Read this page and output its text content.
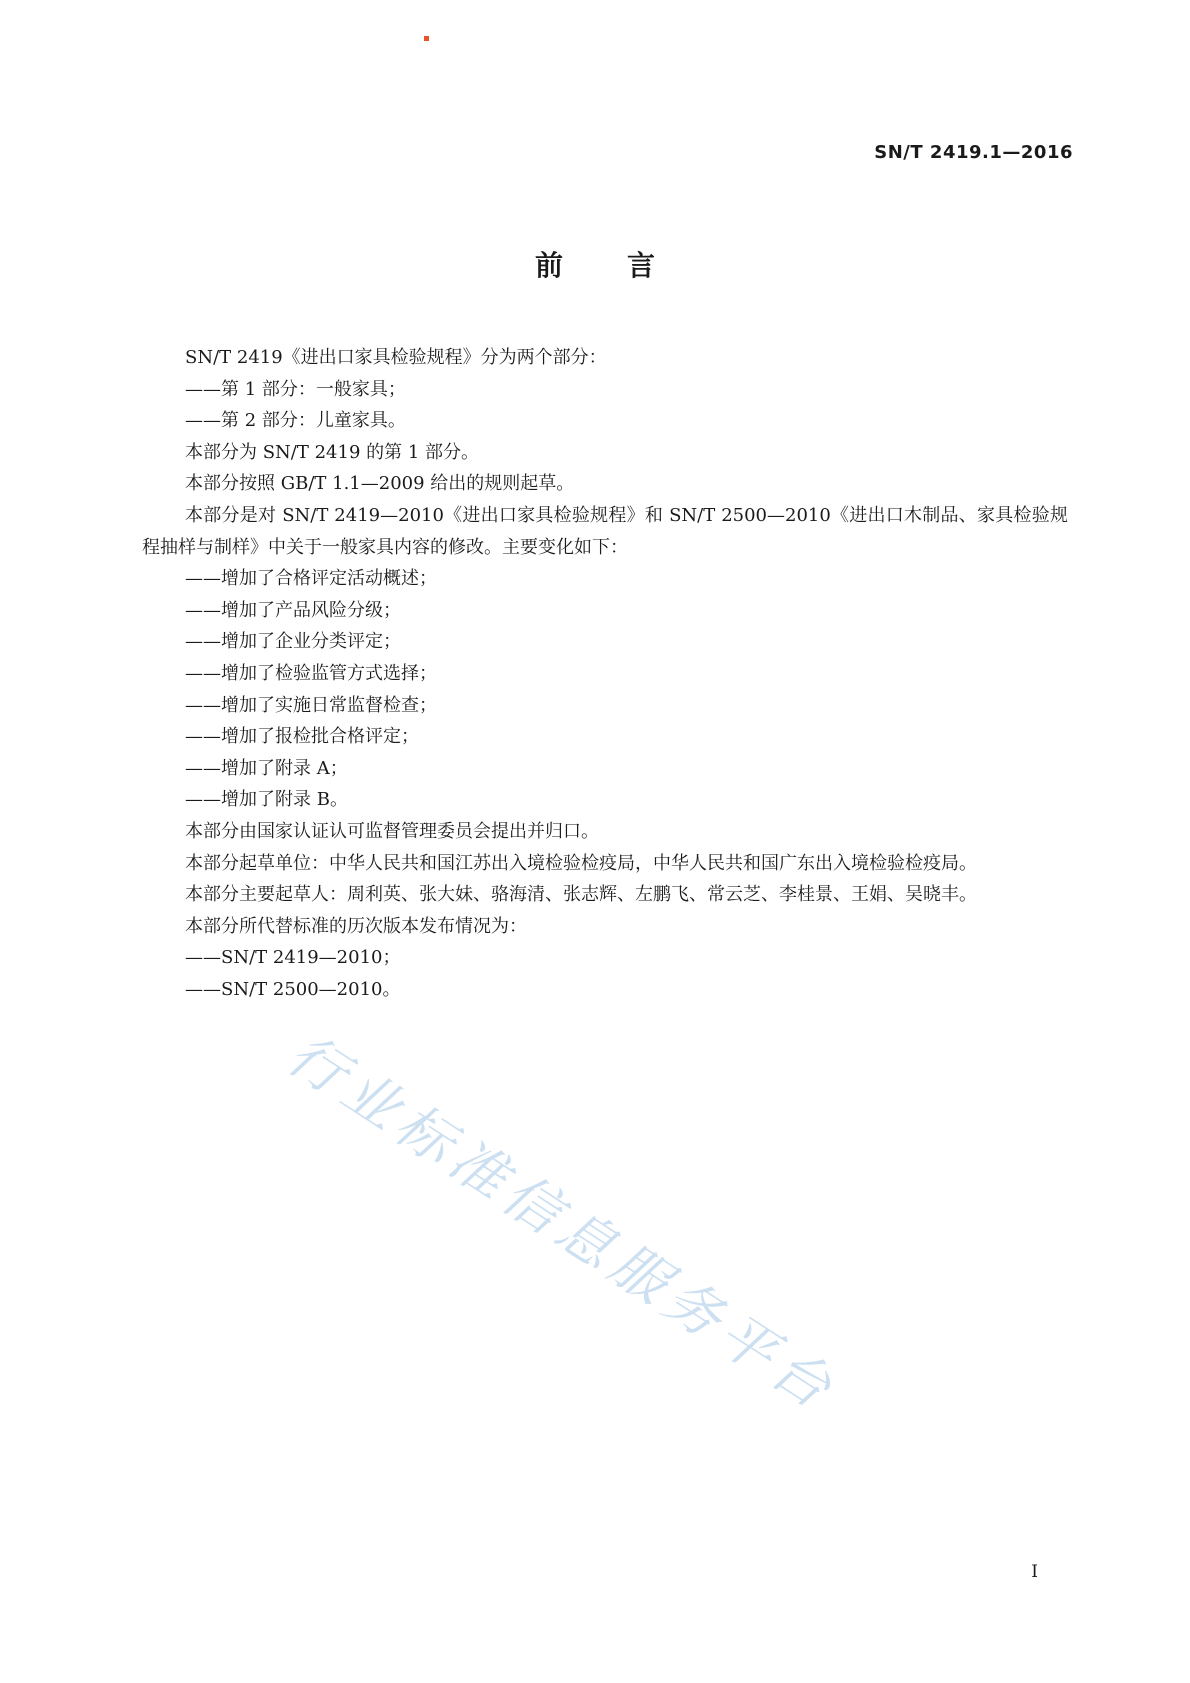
SN/T 2419.1—2016
前言

SN/T 2419《进出口家具检验规程》分为两个部分：

——第 1 部分：一般家具；

——第 2 部分：儿童家具。

本部分为 SN/T 2419 的第 1 部分。

本部分按照 GB/T 1.1—2009 给出的规则起草。

本部分是对 SN/T 2419—2010《进出口家具检验规程》和 SN/T 2500—2010《进出口木制品、家具检验规程抽样与制样》中关于一般家具内容的修改。主要变化如下：

——增加了合格评定活动概述；

——增加了产品风险分级；

——增加了企业分类评定；

——增加了检验监管方式选择；

——增加了实施日常监督检查；

——增加了报检批合格评定；

——增加了附录 A；

——增加了附录 B。

本部分由国家认证认可监督管理委员会提出并归口。

本部分起草单位：中华人民共和国江苏出入境检验检疫局，中华人民共和国广东出入境检验检疫局。

本部分主要起草人：周利英、张大妹、骆海清、张志辉、左鹏飞、常云芝、李桂景、王娟、吴晓丰。

本部分所代替标准的历次版本发布情况为：

——SN/T 2419—2010；

——SN/T 2500—2010。

行业标准信息服务平台
I
